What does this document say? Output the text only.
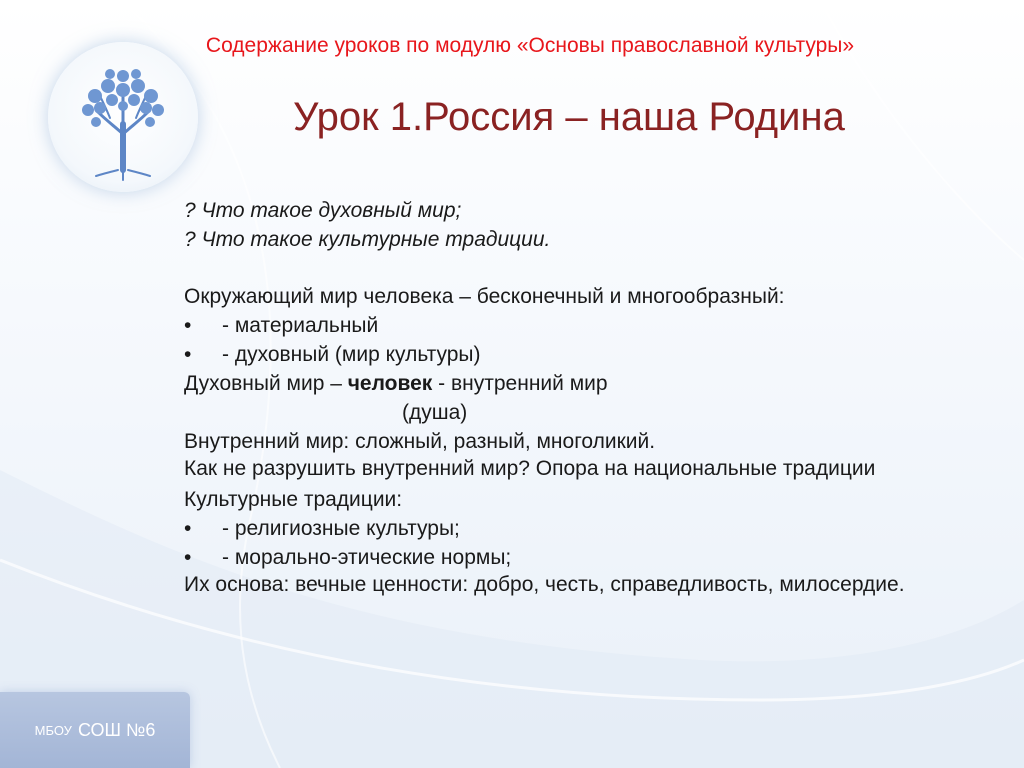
Содержание уроков по модулю «Основы православной культуры»
Урок 1.Россия – наша Родина
? Что такое духовный мир;
? Что такое культурные традиции.
Окружающий мир человека – бесконечный и многообразный:
•	- материальный
•	- духовный (мир культуры)
Духовный мир – человек - внутренний мир
(душа)
Внутренний мир: сложный, разный, многоликий.
Как не разрушить внутренний мир? Опора на национальные традиции
Культурные традиции:
•	- религиозные культуры;
•	- морально-этические нормы;
Их основа: вечные ценности: добро, честь, справедливость, милосердие.
МБОУ СОШ №6
